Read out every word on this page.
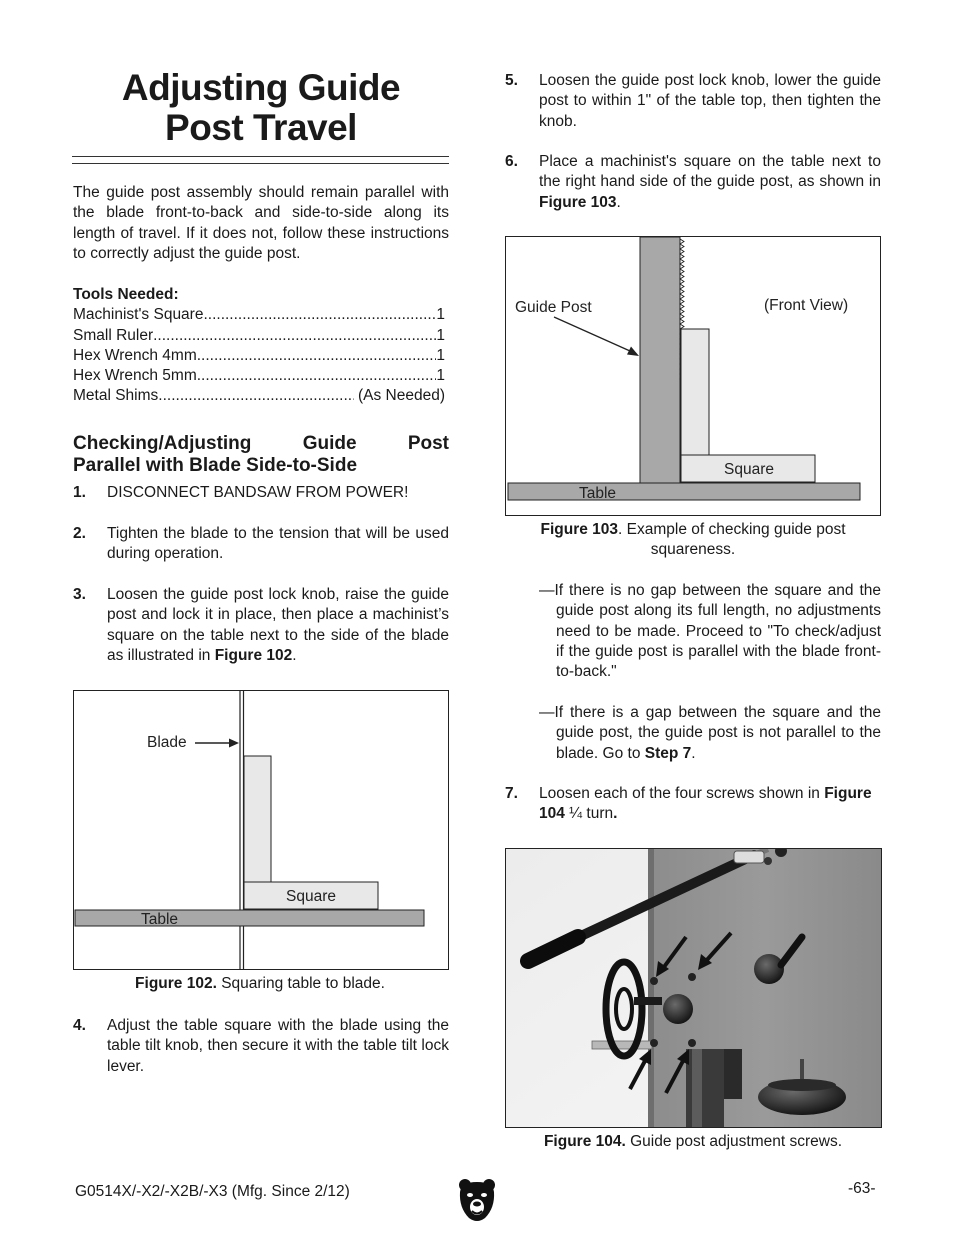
Adjusting Guide
Post Travel
The guide post assembly should remain parallel with the blade front-to-back and side-to-side along its length of travel. If it does not, follow these instructions to correctly adjust the guide post.
Tools Needed:
Machinist's Square .....	1
Small Ruler .....	1
Hex Wrench 4mm .....	1
Hex Wrench 5mm .....	1
Metal Shims .....	(As Needed)
Checking/Adjusting	Guide	Post
Parallel with Blade Side-to-Side
1. DISCONNECT BANDSAW FROM POWER!
2. Tighten the blade to the tension that will be used during operation.
3. Loosen the guide post lock knob, raise the guide post and lock it in place, then place a machinist’s square on the table next to the side of the blade as illustrated in Figure 102.
Blade
Square
Table
Figure 102. Squaring table to blade.
4. Adjust the table square with the blade using the table tilt knob, then secure it with the table tilt lock lever.
5. Loosen the guide post lock knob, lower the guide post to within 1" of the table top, then tighten the knob.
6. Place a machinist's square on the table next to the right hand side of the guide post, as shown in Figure 103.
Guide Post	(Front View)
Square
Table
Figure 103. Example of checking guide post squareness.
—If there is no gap between the square and the guide post along its full length, no adjustments need to be made. Proceed to "To check/adjust if the guide post is parallel with the blade front-to-back."
—If there is a gap between the square and the guide post, the guide post is not parallel to the blade. Go to Step 7.
7. Loosen each of the four screws shown in Figure 104 ¼ turn.
Figure 104. Guide post adjustment screws.
G0514X/-X2/-X2B/-X3 (Mfg. Since 2/12)	-63-
